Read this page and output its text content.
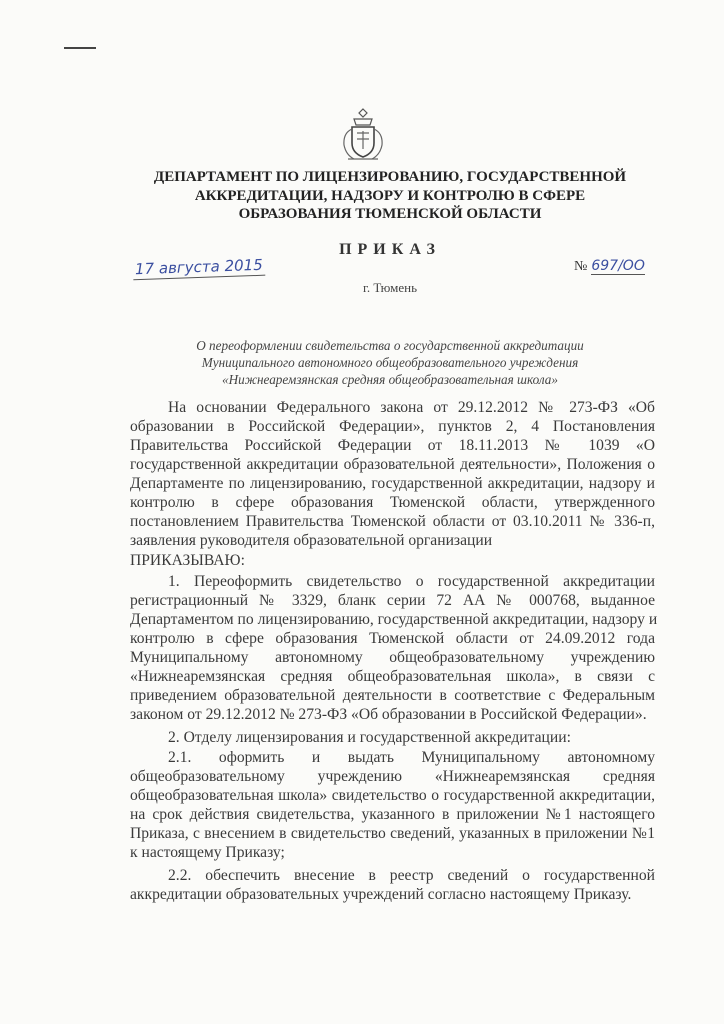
ДЕПАРТАМЕНТ ПО ЛИЦЕНЗИРОВАНИЮ, ГОСУДАРСТВЕННОЙ
АККРЕДИТАЦИИ, НАДЗОРУ И КОНТРОЛЮ В СФЕРЕ
ОБРАЗОВАНИЯ ТЮМЕНСКОЙ ОБЛАСТИ
ПРИКАЗ
17 августа 2015	№ 697/ОО
г. Тюмень
О переоформлении свидетельства о государственной аккредитации
Муниципального автономного общеобразовательного учреждения
«Нижнеаремзянская средняя общеобразовательная школа»
На основании Федерального закона от 29.12.2012 № 273-ФЗ «Об
образовании в Российской Федерации», пунктов 2, 4 Постановления
Правительства Российской Федерации от 18.11.2013 № 1039 «О
государственной аккредитации образовательной деятельности», Положения о
Департаменте по лицензированию, государственной аккредитации, надзору и
контролю в сфере образования Тюменской области, утвержденного
постановлением Правительства Тюменской области от 03.10.2011 № 336-п,
заявления руководителя образовательной организации
ПРИКАЗЫВАЮ:
1. Переоформить свидетельство о государственной аккредитации
регистрационный № 3329, бланк серии 72 АА № 000768, выданное
Департаментом по лицензированию, государственной аккредитации, надзору и
контролю в сфере образования Тюменской области от 24.09.2012 года
Муниципальному автономному общеобразовательному учреждению
«Нижнеаремзянская средняя общеобразовательная школа», в связи с
приведением образовательной деятельности в соответствие с Федеральным
законом от 29.12.2012 № 273-ФЗ «Об образовании в Российской Федерации».
2. Отделу лицензирования и государственной аккредитации:
2.1. оформить и выдать Муниципальному автономному
общеобразовательному учреждению «Нижнеаремзянская средняя
общеобразовательная школа» свидетельство о государственной аккредитации,
на срок действия свидетельства, указанного в приложении №1 настоящего
Приказа, с внесением в свидетельство сведений, указанных в приложении №1
к настоящему Приказу;
2.2. обеспечить внесение в реестр сведений о государственной
аккредитации образовательных учреждений согласно настоящему Приказу.
